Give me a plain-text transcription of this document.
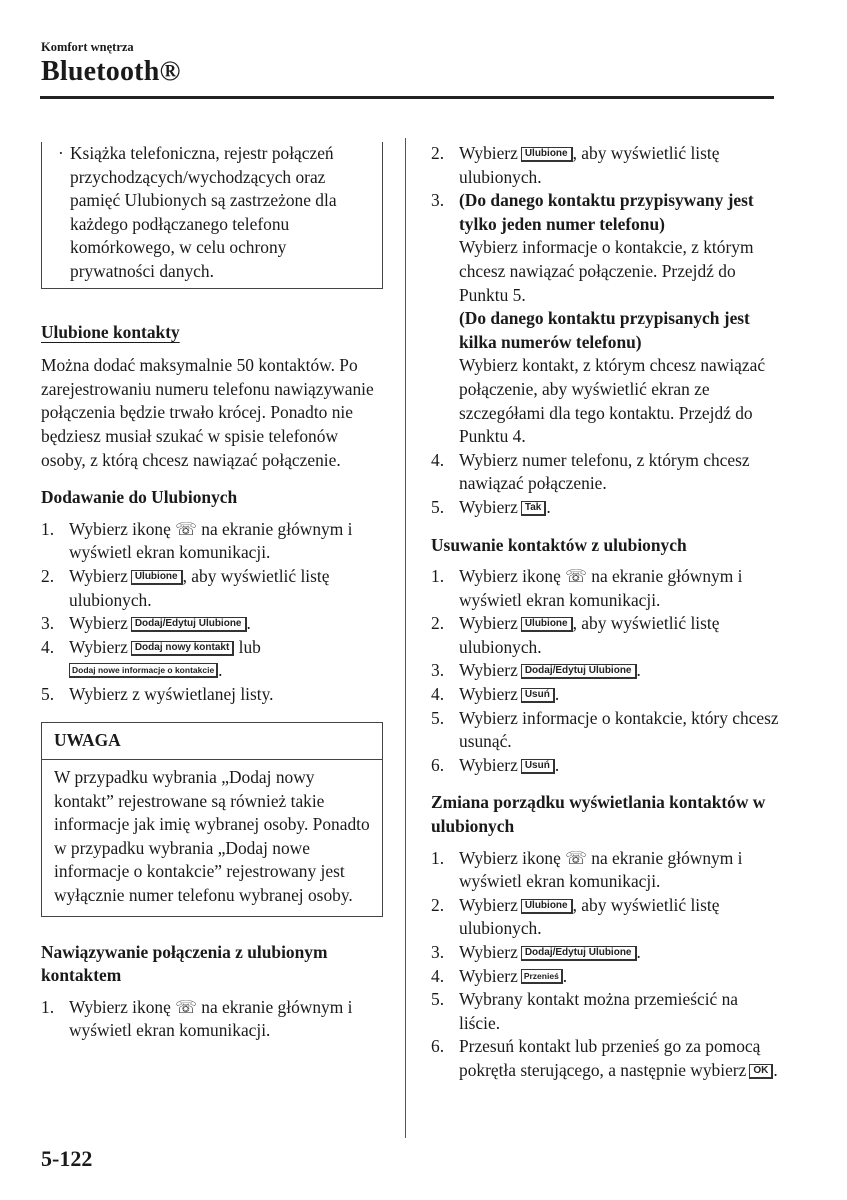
Komfort wnętrza
Bluetooth®
· Książka telefoniczna, rejestr połączeń przychodzących/wychodzących oraz pamięć Ulubionych są zastrzeżone dla każdego podłączanego telefonu komórkowego, w celu ochrony prywatności danych.
Ulubione kontakty

Można dodać maksymalnie 50 kontaktów. Po zarejestrowaniu numeru telefonu nawiązywanie połączenia będzie trwało krócej. Ponadto nie będziesz musiał szukać w spisie telefonów osoby, z którą chcesz nawiązać połączenie.

Dodawanie do Ulubionych

1. Wybierz ikonę ☏ na ekranie głównym i wyświetl ekran komunikacji.
2. Wybierz Ulubione , aby wyświetlić listę ulubionych.
3. Wybierz Dodaj/Edytuj Ulubione .
4. Wybierz Dodaj nowy kontakt lub
Dodaj nowe informacje o kontakcie .
5. Wybierz z wyświetlanej listy.
UWAGA
W przypadku wybrania „Dodaj nowy kontakt” rejestrowane są również takie informacje jak imię wybranej osoby. Ponadto w przypadku wybrania „Dodaj nowe informacje o kontakcie” rejestrowany jest wyłącznie numer telefonu wybranej osoby.

Nawiązywanie połączenia z ulubionym kontaktem

1. Wybierz ikonę ☏ na ekranie głównym i wyświetl ekran komunikacji.
2. Wybierz Ulubione , aby wyświetlić listę ulubionych.
3. (Do danego kontaktu przypisywany jest tylko jeden numer telefonu)
Wybierz informacje o kontakcie, z którym chcesz nawiązać połączenie. Przejdź do Punktu 5.
(Do danego kontaktu przypisanych jest kilka numerów telefonu)
Wybierz kontakt, z którym chcesz nawiązać połączenie, aby wyświetlić ekran ze szczegółami dla tego kontaktu. Przejdź do Punktu 4.
4. Wybierz numer telefonu, z którym chcesz nawiązać połączenie.
5. Wybierz Tak .

Usuwanie kontaktów z ulubionych

1. Wybierz ikonę ☏ na ekranie głównym i wyświetl ekran komunikacji.
2. Wybierz Ulubione , aby wyświetlić listę ulubionych.
3. Wybierz Dodaj/Edytuj Ulubione .
4. Wybierz Usuń .
5. Wybierz informacje o kontakcie, który chcesz usunąć.
6. Wybierz Usuń .

Zmiana porządku wyświetlania kontaktów w ulubionych

1. Wybierz ikonę ☏ na ekranie głównym i wyświetl ekran komunikacji.
2. Wybierz Ulubione , aby wyświetlić listę ulubionych.
3. Wybierz Dodaj/Edytuj Ulubione .
4. Wybierz Przenieś .
5. Wybrany kontakt można przemieścić na liście.
6. Przesuń kontakt lub przenieś go za pomocą pokrętła sterującego, a następnie wybierz OK .
5-122
